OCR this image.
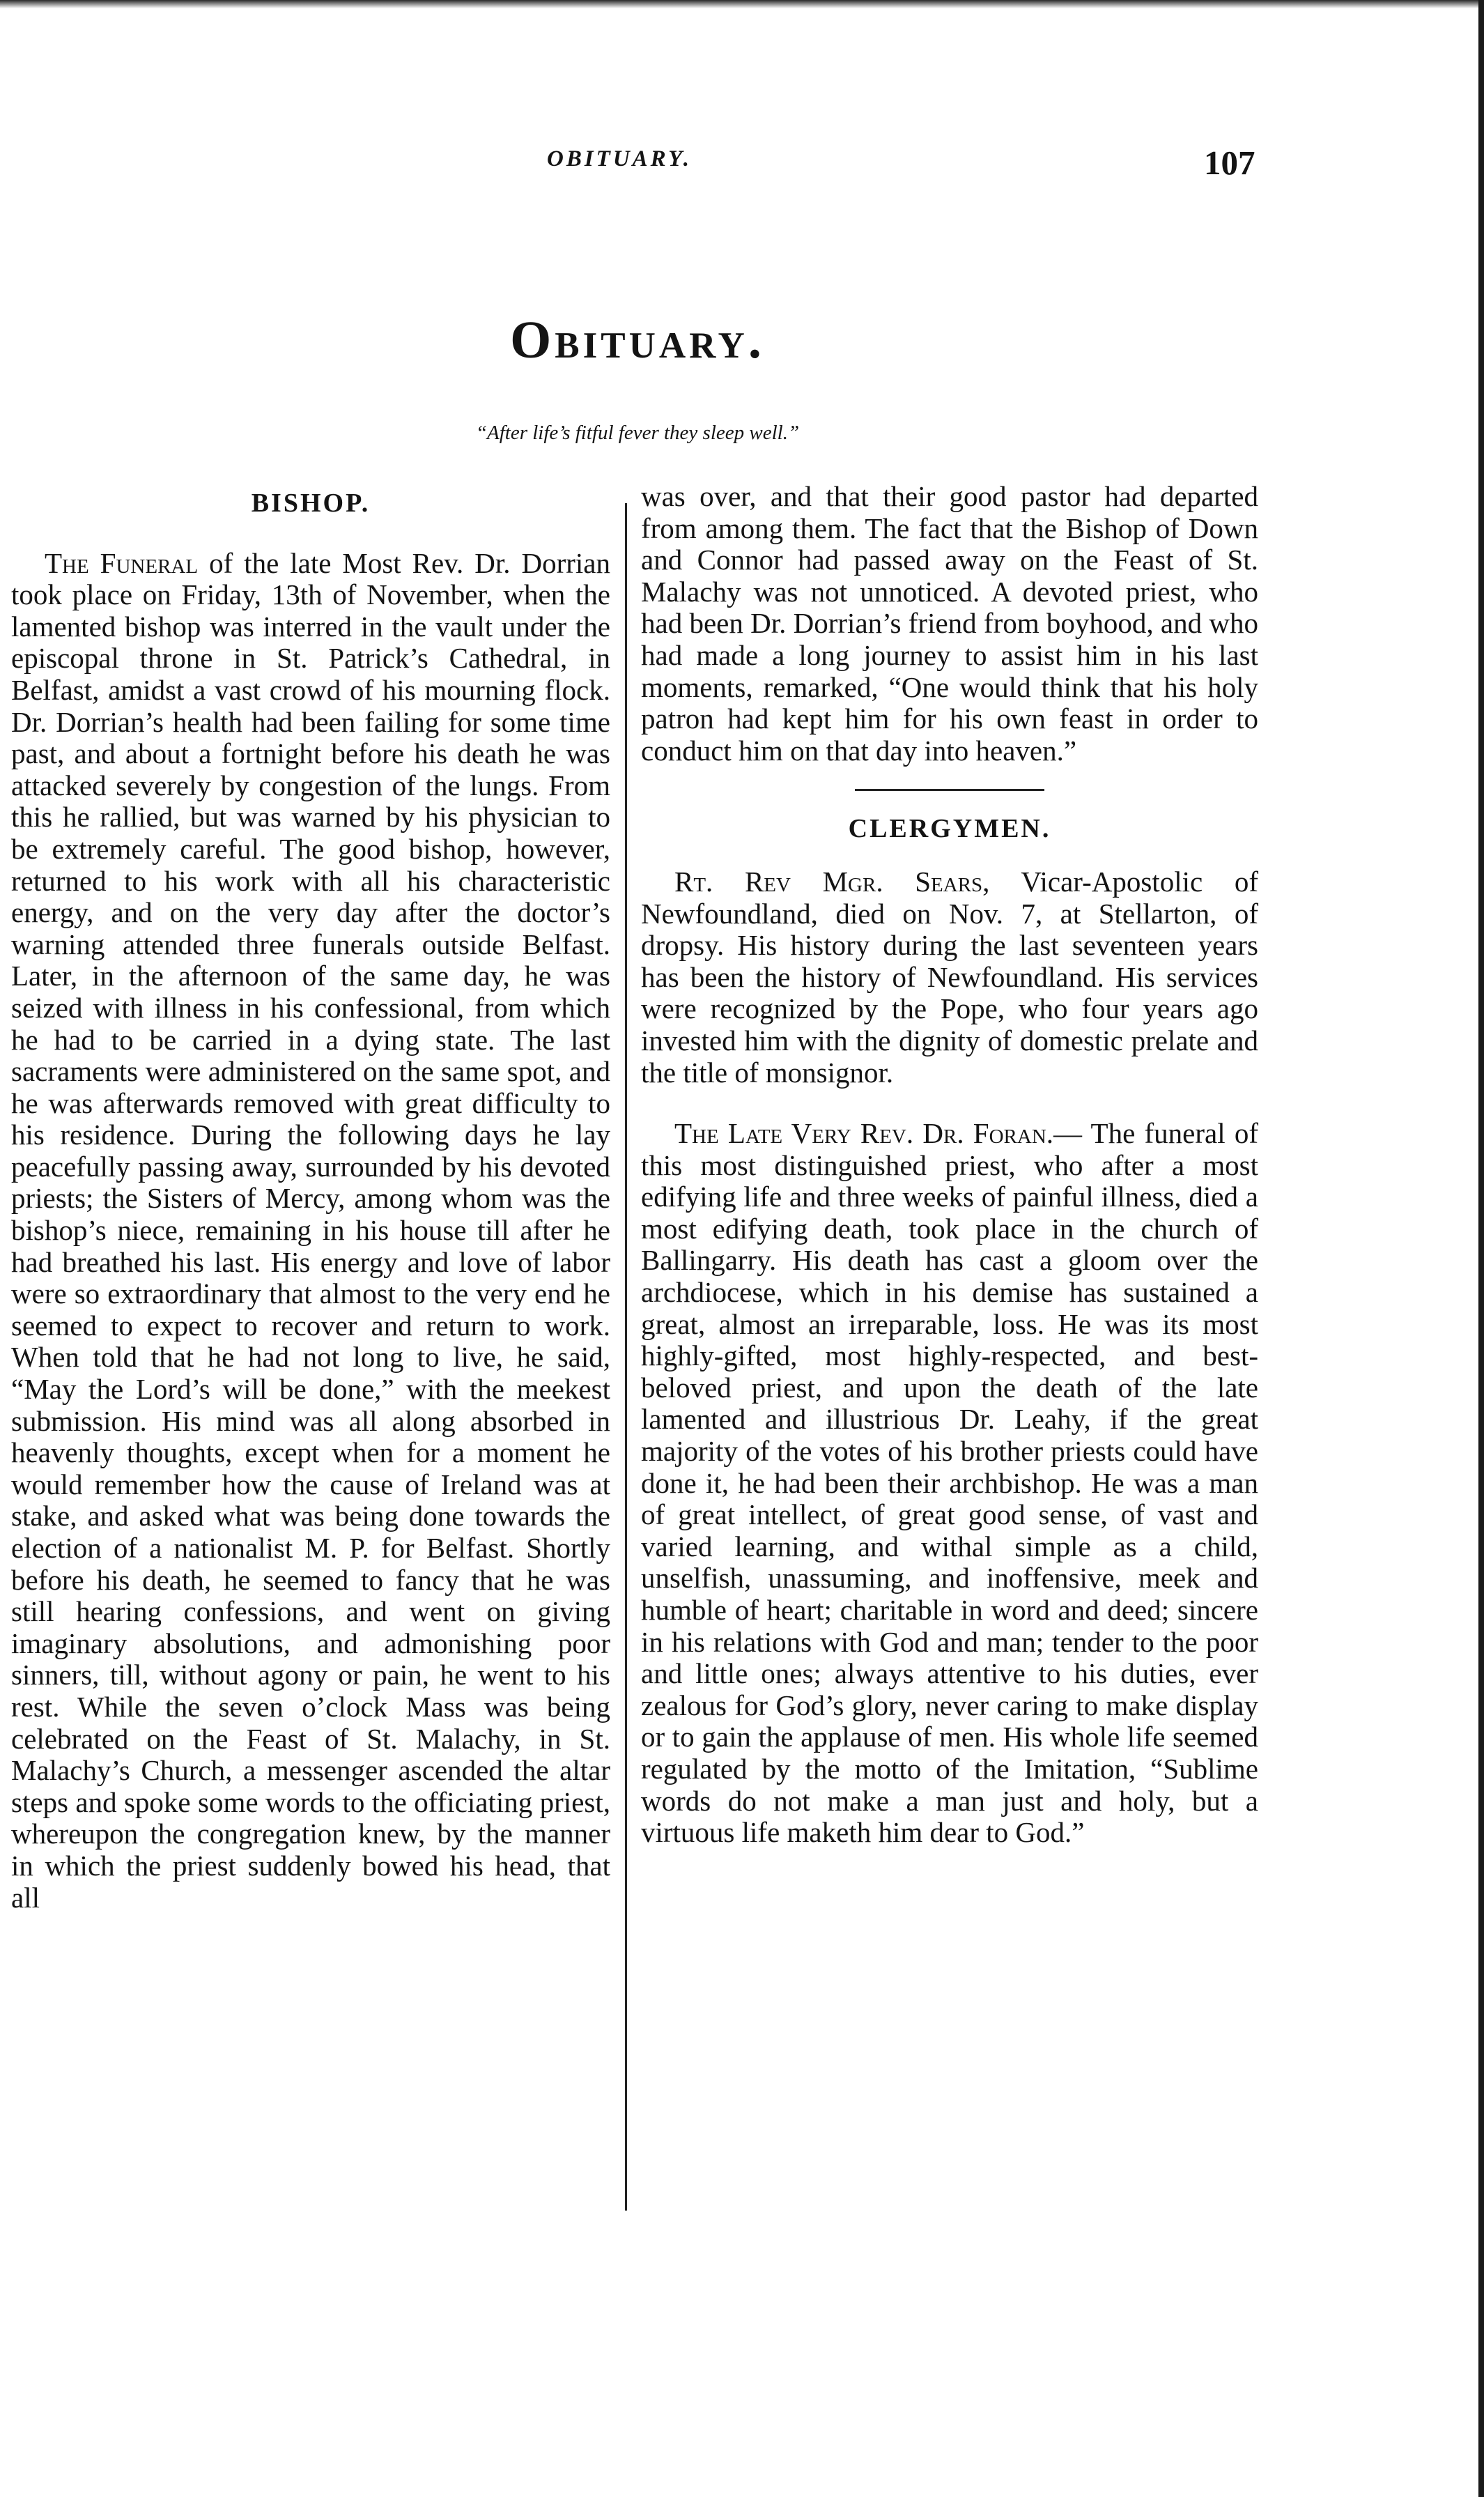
OBITUARY.	107
Obituary.
“After life’s fitful fever they sleep well.”
BISHOP.

The Funeral of the late Most Rev. Dr. Dorrian took place on Friday, 13th of November, when the lamented bishop was interred in the vault under the episcopal throne in St. Patrick’s Cathedral, in Belfast, amidst a vast crowd of his mourning flock. Dr. Dorrian’s health had been failing for some time past, and about a fortnight before his death he was attacked severely by congestion of the lungs. From this he rallied, but was warned by his physician to be extremely careful. The good bishop, however, returned to his work with all his characteristic energy, and on the very day after the doctor’s warning attended three funerals outside Belfast. Later, in the afternoon of the same day, he was seized with illness in his confessional, from which he had to be carried in a dying state. The last sacraments were administered on the same spot, and he was afterwards removed with great difficulty to his residence. During the following days he lay peacefully passing away, surrounded by his devoted priests; the Sisters of Mercy, among whom was the bishop’s niece, remaining in his house till after he had breathed his last. His energy and love of labor were so extraordinary that almost to the very end he seemed to expect to recover and return to work. When told that he had not long to live, he said, “May the Lord’s will be done,” with the meekest submission. His mind was all along absorbed in heavenly thoughts, except when for a moment he would remember how the cause of Ireland was at stake, and asked what was being done towards the election of a nationalist M. P. for Belfast. Shortly before his death, he seemed to fancy that he was still hearing confessions, and went on giving imaginary absolutions, and admonishing poor sinners, till, without agony or pain, he went to his rest. While the seven o’clock Mass was being celebrated on the Feast of St. Malachy, in St. Malachy’s Church, a messenger ascended the altar steps and spoke some words to the officiating priest, whereupon the congregation knew, by the manner in which the priest suddenly bowed his head, that all

was over, and that their good pastor had departed from among them. The fact that the Bishop of Down and Connor had passed away on the Feast of St. Malachy was not unnoticed. A devoted priest, who had been Dr. Dorrian’s friend from boyhood, and who had made a long journey to assist him in his last moments, remarked, “One would think that his holy patron had kept him for his own feast in order to conduct him on that day into heaven.”

CLERGYMEN.

Rt. Rev Mgr. Sears, Vicar-Apostolic of Newfoundland, died on Nov. 7, at Stellarton, of dropsy. His history during the last seventeen years has been the history of Newfoundland. His services were recognized by the Pope, who four years ago invested him with the dignity of domestic prelate and the title of monsignor.

The Late Very Rev. Dr. Foran.— The funeral of this most distinguished priest, who after a most edifying life and three weeks of painful illness, died a most edifying death, took place in the church of Ballingarry. His death has cast a gloom over the archdiocese, which in his demise has sustained a great, almost an irreparable, loss. He was its most highly-gifted, most highly-respected, and best-beloved priest, and upon the death of the late lamented and illustrious Dr. Leahy, if the great majority of the votes of his brother priests could have done it, he had been their archbishop. He was a man of great intellect, of great good sense, of vast and varied learning, and withal simple as a child, unselfish, unassuming, and inoffensive, meek and humble of heart; charitable in word and deed; sincere in his relations with God and man; tender to the poor and little ones; always attentive to his duties, ever zealous for God’s glory, never caring to make display or to gain the applause of men. His whole life seemed regulated by the motto of the Imitation, “Sublime words do not make a man just and holy, but a virtuous life maketh him dear to God.”
